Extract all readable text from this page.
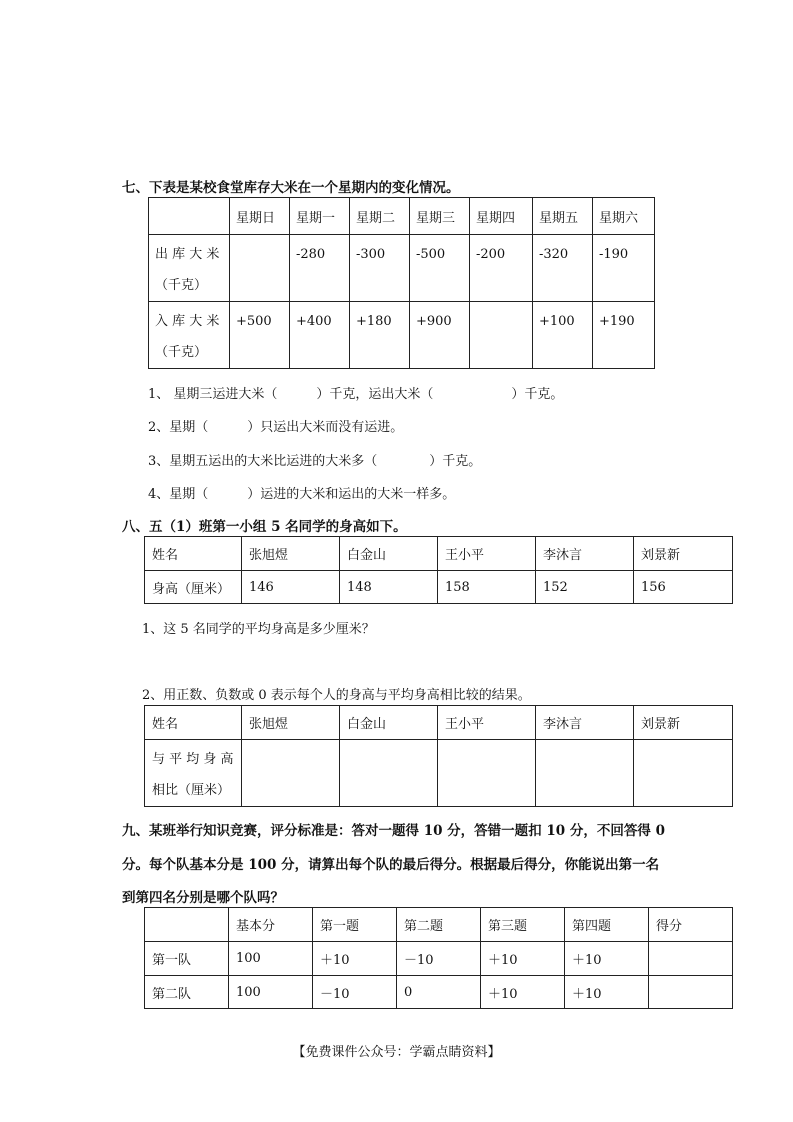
七、下表是某校食堂库存大米在一个星期内的变化情况。
	星期日	星期一	星期二	星期三	星期四	星期五	星期六

出 库 大 米
（千克）		-280	-300	-500	-200	-320	-190

入 库 大 米
（千克）	+500	+400	+180	+900		+100	+190
1、 星期三运进大米（　　　）千克，运出大米（　　　　　　）千克。
2、星期（　　　）只运出大米而没有运进。
3、星期五运出的大米比运进的大米多（　　　　）千克。
4、星期（　　　）运进的大米和运出的大米一样多。
八、五（1）班第一小组 5 名同学的身高如下。
姓名	张旭煜	白金山	王小平	李沐言	刘景新
身高（厘米）	146	148	158	152	156
1、这 5 名同学的平均身高是多少厘米？
2、用正数、负数或 0 表示每个人的身高与平均身高相比较的结果。
姓名	张旭煜	白金山	王小平	李沐言	刘景新

与 平 均 身 高
相比（厘米）					

九、某班举行知识竞赛，评分标准是：答对一题得 10 分，答错一题扣 10 分，不回答得 0
分。每个队基本分是 100 分，请算出每个队的最后得分。根据最后得分，你能说出第一名
到第四名分别是哪个队吗？
	基本分	第一题	第二题	第三题	第四题	得分
第一队	100	＋10	－10	＋10	＋10	
第二队	100	－10	0	＋10	＋10	
【免费课件公众号：学霸点睛资料】
